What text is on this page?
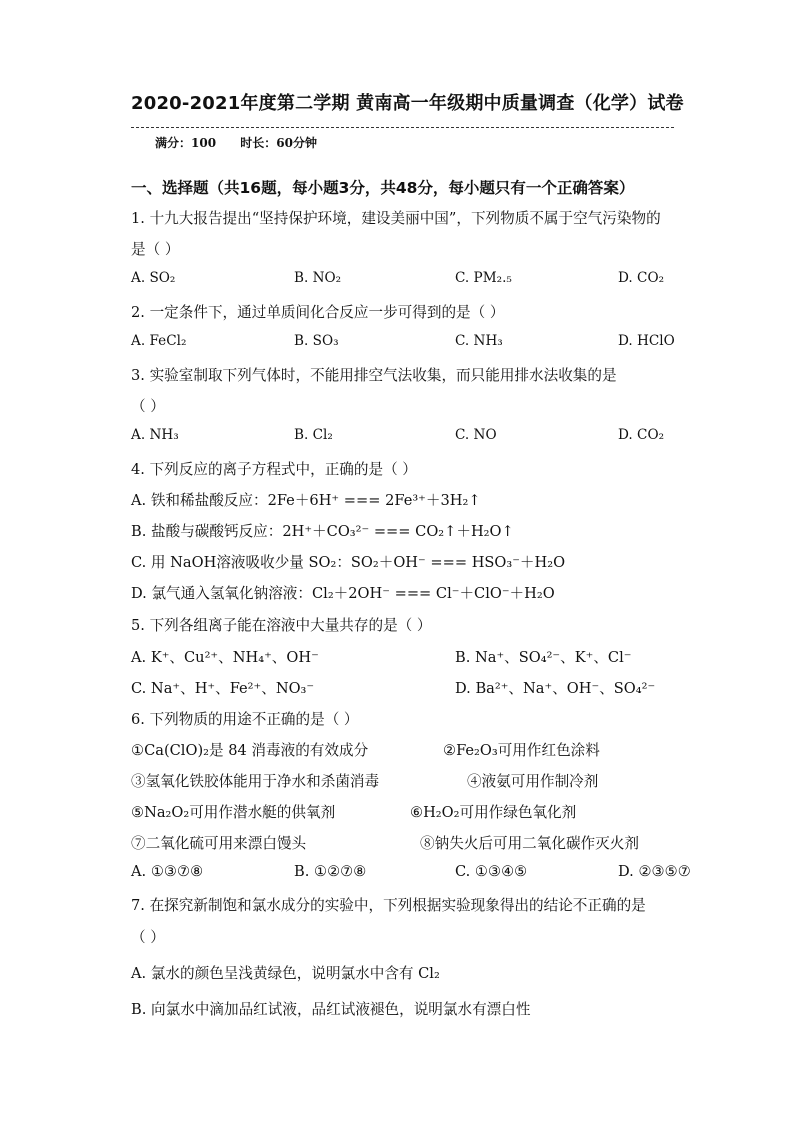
2020-2021年度第二学期 黄南高一年级期中质量调查（化学）试卷
满分：100 时长：60分钟
一、选择题（共16题，每小题3分，共48分，每小题只有一个正确答案）
1. 十九大报告提出“坚持保护环境，建设美丽中国”，下列物质不属于空气污染物的
是（ ）
A. SO₂	B. NO₂	C. PM₂.₅	D. CO₂
2. 一定条件下，通过单质间化合反应一步可得到的是（ ）
A. FeCl₂	B. SO₃	C. NH₃	D. HClO
3. 实验室制取下列气体时，不能用排空气法收集，而只能用排水法收集的是
（ ）
A. NH₃	B. Cl₂	C. NO	D. CO₂
4. 下列反应的离子方程式中，正确的是（ ）
A. 铁和稀盐酸反应：2Fe＋6H⁺ === 2Fe³⁺＋3H₂↑
B. 盐酸与碳酸钙反应：2H⁺＋CO₃²⁻ === CO₂↑＋H₂O↑
C. 用 NaOH溶液吸收少量 SO₂：SO₂＋OH⁻ === HSO₃⁻＋H₂O
D. 氯气通入氢氧化钠溶液：Cl₂＋2OH⁻ === Cl⁻＋ClO⁻＋H₂O
5. 下列各组离子能在溶液中大量共存的是（ ）
A. K⁺、Cu²⁺、NH₄⁺、OH⁻	B. Na⁺、SO₄²⁻、K⁺、Cl⁻
C. Na⁺、H⁺、Fe²⁺、NO₃⁻	D. Ba²⁺、Na⁺、OH⁻、SO₄²⁻
6. 下列物质的用途不正确的是（ ）
①Ca(ClO)₂是 84 消毒液的有效成分	②Fe₂O₃可用作红色涂料
③氢氧化铁胶体能用于净水和杀菌消毒	④液氨可用作制冷剂
⑤Na₂O₂可用作潜水艇的供氧剂	⑥H₂O₂可用作绿色氧化剂
⑦二氧化硫可用来漂白馒头	⑧钠失火后可用二氧化碳作灭火剂
A. ①③⑦⑧	B. ①②⑦⑧	C. ①③④⑤	D. ②③⑤⑦
7. 在探究新制饱和氯水成分的实验中，下列根据实验现象得出的结论不正确的是
（ ）
A. 氯水的颜色呈浅黄绿色，说明氯水中含有 Cl₂
B. 向氯水中滴加品红试液，品红试液褪色，说明氯水有漂白性
